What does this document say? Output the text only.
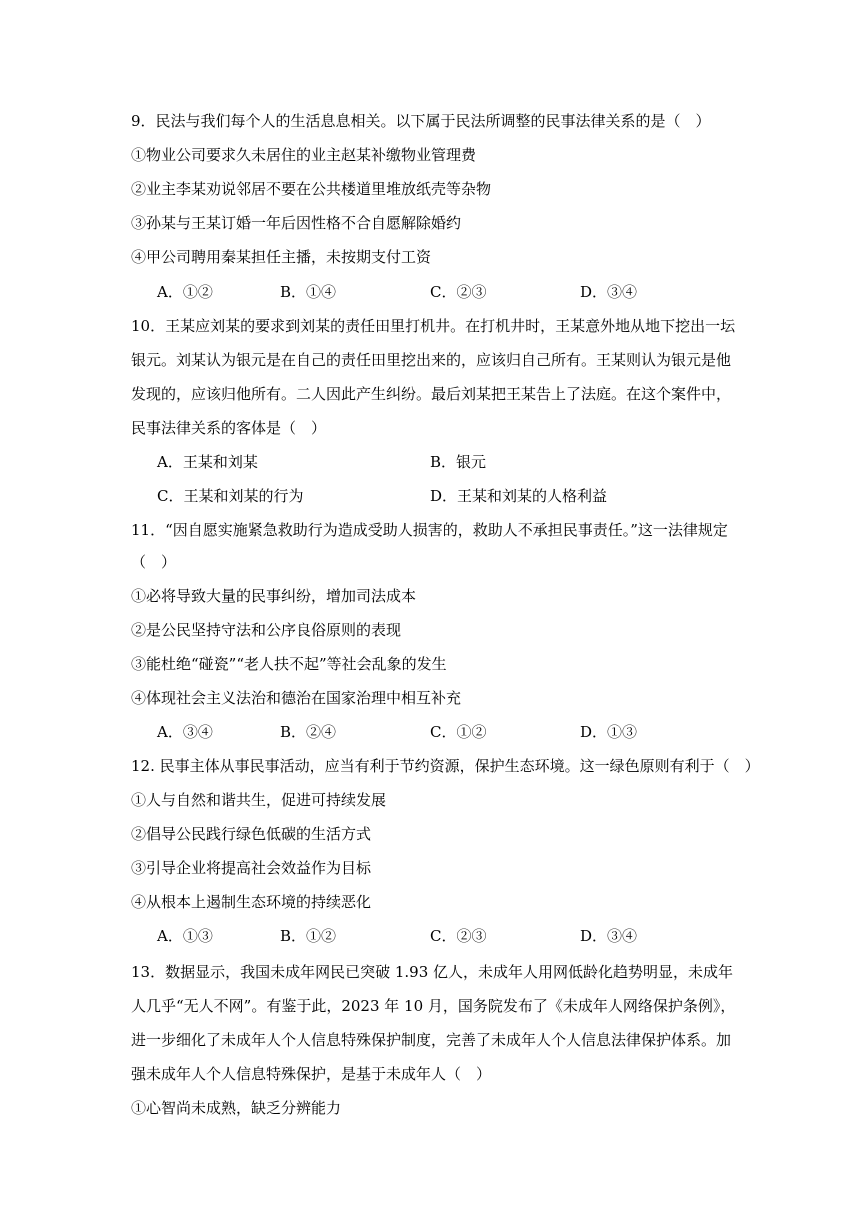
9．民法与我们每个人的生活息息相关。以下属于民法所调整的民事法律关系的是（　）
①物业公司要求久未居住的业主赵某补缴物业管理费
②业主李某劝说邻居不要在公共楼道里堆放纸壳等杂物
③孙某与王某订婚一年后因性格不合自愿解除婚约
④甲公司聘用秦某担任主播，未按期支付工资
A．①②	B．①④	C．②③	D．③④
10．王某应刘某的要求到刘某的责任田里打机井。在打机井时，王某意外地从地下挖出一坛
银元。刘某认为银元是在自己的责任田里挖出来的，应该归自己所有。王某则认为银元是他
发现的，应该归他所有。二人因此产生纠纷。最后刘某把王某告上了法庭。在这个案件中，
民事法律关系的客体是（　）
A．王某和刘某	B．银元
C．王某和刘某的行为	D．王某和刘某的人格利益
11．“因自愿实施紧急救助行为造成受助人损害的，救助人不承担民事责任。”这一法律规定
（　）
①必将导致大量的民事纠纷，增加司法成本
②是公民坚持守法和公序良俗原则的表现
③能杜绝“碰瓷”“老人扶不起”等社会乱象的发生
④体现社会主义法治和德治在国家治理中相互补充
A．③④	B．②④	C．①②	D．①③
12. 民事主体从事民事活动，应当有利于节约资源，保护生态环境。这一绿色原则有利于（　）
①人与自然和谐共生，促进可持续发展
②倡导公民践行绿色低碳的生活方式
③引导企业将提高社会效益作为目标
④从根本上遏制生态环境的持续恶化
A．①③	B．①②	C．②③	D．③④
13．数据显示，我国未成年网民已突破 1.93 亿人，未成年人用网低龄化趋势明显，未成年
人几乎“无人不网”。有鉴于此，2023 年 10 月，国务院发布了《未成年人网络保护条例》，
进一步细化了未成年人个人信息特殊保护制度，完善了未成年人个人信息法律保护体系。加
强未成年人个人信息特殊保护，是基于未成年人（　）
①心智尚未成熟，缺乏分辨能力
